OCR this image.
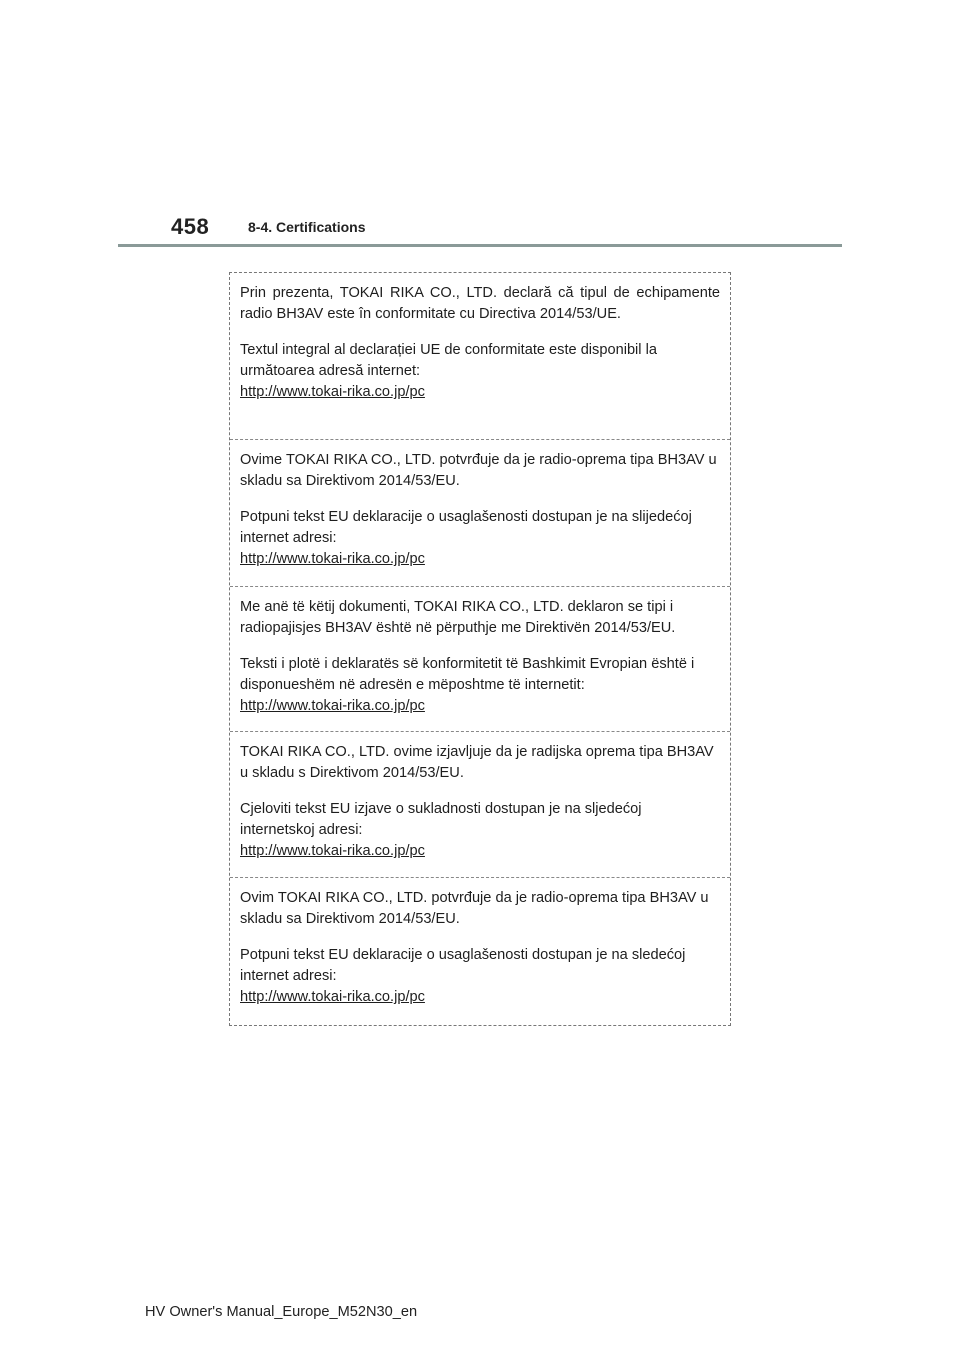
458	8-4. Certifications

Prin prezenta, TOKAI RIKA CO., LTD. declară că tipul de echipamente radio BH3AV este în conformitate cu Directiva 2014/53/UE.

Textul integral al declarației UE de conformitate este disponibil la următoarea adresă internet:

http://www.tokai-rika.co.jp/pc

Ovime TOKAI RIKA CO., LTD. potvrđuje da je radio-oprema tipa BH3AV u skladu sa Direktivom 2014/53/EU.

Potpuni tekst EU deklaracije o usaglašenosti dostupan je na slijedećoj internet adresi:

http://www.tokai-rika.co.jp/pc

Me anë të këtij dokumenti, TOKAI RIKA CO., LTD. deklaron se tipi i radiopajisjes BH3AV është në përputhje me Direktivën 2014/53/EU.

Teksti i plotë i deklaratës së konformitetit të Bashkimit Evropian është i disponueshëm në adresën e mëposhtme të internetit:

http://www.tokai-rika.co.jp/pc

TOKAI RIKA CO., LTD. ovime izjavljuje da je radijska oprema tipa BH3AV u skladu s Direktivom 2014/53/EU.

Cjeloviti tekst EU izjave o sukladnosti dostupan je na sljedećoj internetskoj adresi:

http://www.tokai-rika.co.jp/pc

Ovim TOKAI RIKA CO., LTD. potvrđuje da je radio-oprema tipa BH3AV u skladu sa Direktivom 2014/53/EU.

Potpuni tekst EU deklaracije o usaglašenosti dostupan je na sledećoj internet adresi:

http://www.tokai-rika.co.jp/pc
HV Owner's Manual_Europe_M52N30_en
